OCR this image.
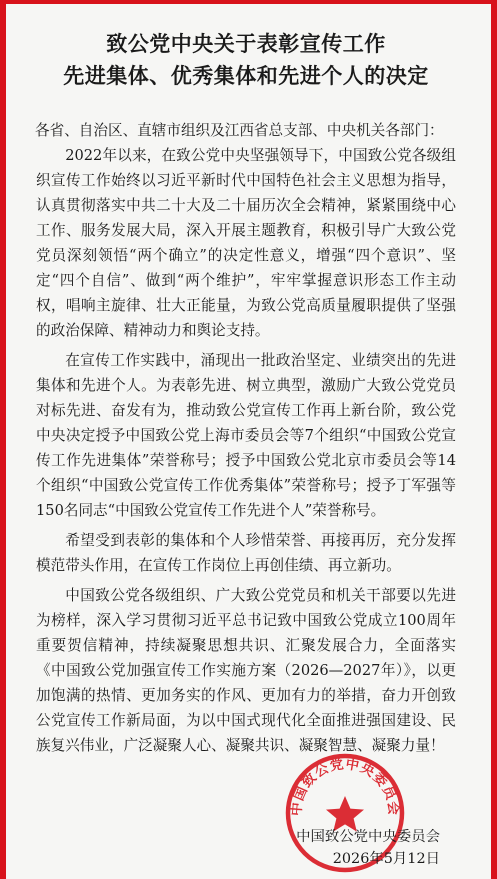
致公党中央关于表彰宣传工作
先进集体、优秀集体和先进个人的决定
各省、自治区、直辖市组织及江西省总支部、中央机关各部门：

2022年以来，在致公党中央坚强领导下，中国致公党各级组织宣传工作始终以习近平新时代中国特色社会主义思想为指导，认真贯彻落实中共二十大及二十届历次全会精神，紧紧围绕中心工作、服务发展大局，深入开展主题教育，积极引导广大致公党党员深刻领悟“两个确立”的决定性意义，增强“四个意识”、坚定“四个自信”、做到“两个维护”，牢牢掌握意识形态工作主动权，唱响主旋律、壮大正能量，为致公党高质量履职提供了坚强的政治保障、精神动力和舆论支持。

在宣传工作实践中，涌现出一批政治坚定、业绩突出的先进集体和先进个人。为表彰先进、树立典型，激励广大致公党党员对标先进、奋发有为，推动致公党宣传工作再上新台阶，致公党中央决定授予中国致公党上海市委员会等7个组织“中国致公党宣传工作先进集体”荣誉称号；授予中国致公党北京市委员会等14个组织“中国致公党宣传工作优秀集体”荣誉称号；授予丁军强等150名同志“中国致公党宣传工作先进个人”荣誉称号。

希望受到表彰的集体和个人珍惜荣誉、再接再厉，充分发挥模范带头作用，在宣传工作岗位上再创佳绩、再立新功。

中国致公党各级组织、广大致公党党员和机关干部要以先进为榜样，深入学习贯彻习近平总书记致中国致公党成立100周年重要贺信精神，持续凝聚思想共识、汇聚发展合力，全面落实《中国致公党加强宣传工作实施方案（2026—2027年）》，以更加饱满的热情、更加务实的作风、更加有力的举措，奋力开创致公党宣传工作新局面，为以中国式现代化全面推进强国建设、民族复兴伟业，广泛凝聚人心、凝聚共识、凝聚智慧、凝聚力量！

中国致公党中央委员会
中国致公党中央委员会
2026年5月12日
